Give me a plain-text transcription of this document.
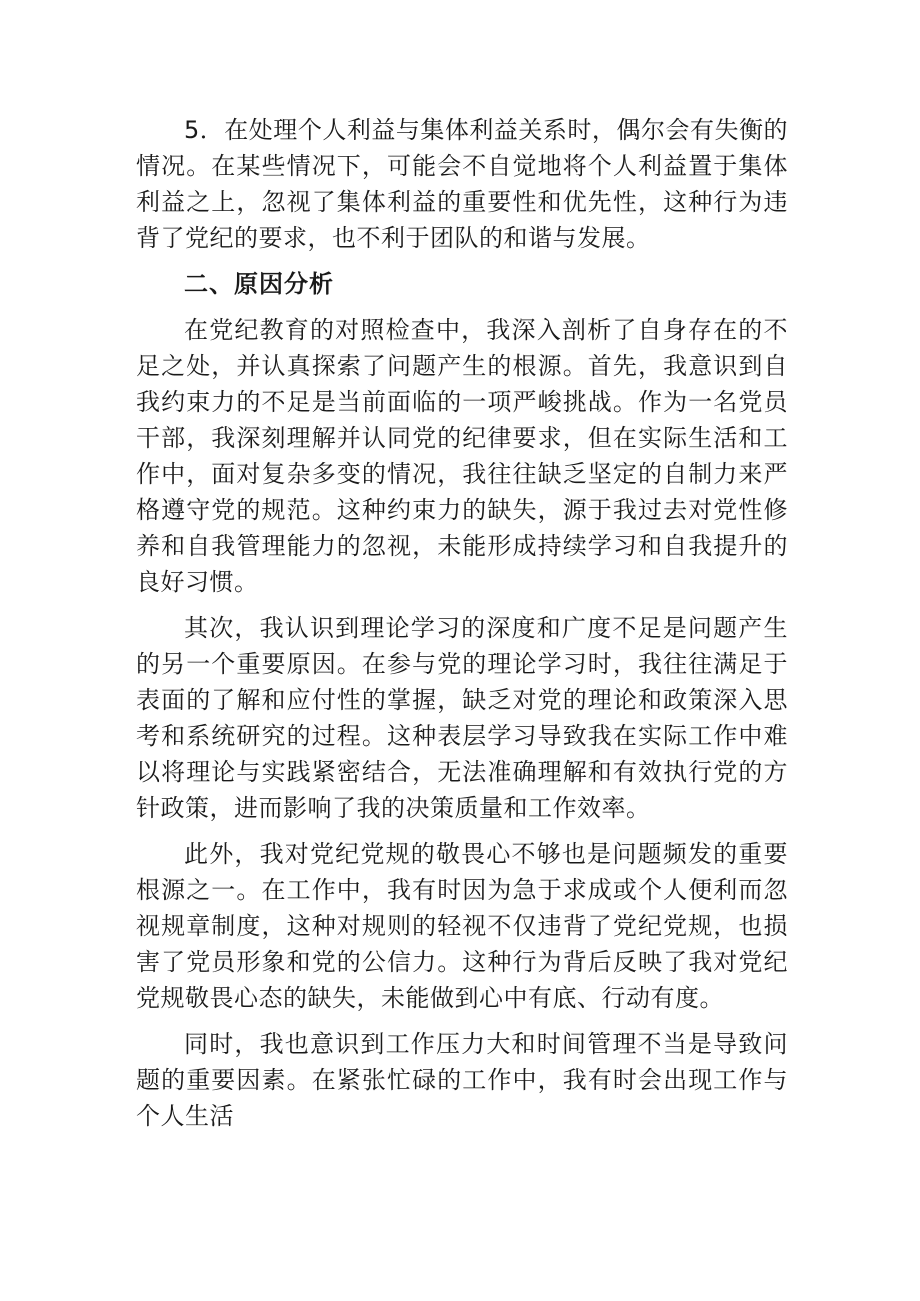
5．在处理个人利益与集体利益关系时，偶尔会有失衡的情况。在某些情况下，可能会不自觉地将个人利益置于集体利益之上，忽视了集体利益的重要性和优先性，这种行为违背了党纪的要求，也不利于团队的和谐与发展。

二、原因分析

在党纪教育的对照检查中，我深入剖析了自身存在的不足之处，并认真探索了问题产生的根源。首先，我意识到自我约束力的不足是当前面临的一项严峻挑战。作为一名党员干部，我深刻理解并认同党的纪律要求，但在实际生活和工作中，面对复杂多变的情况，我往往缺乏坚定的自制力来严格遵守党的规范。这种约束力的缺失，源于我过去对党性修养和自我管理能力的忽视，未能形成持续学习和自我提升的良好习惯。

其次，我认识到理论学习的深度和广度不足是问题产生的另一个重要原因。在参与党的理论学习时，我往往满足于表面的了解和应付性的掌握，缺乏对党的理论和政策深入思考和系统研究的过程。这种表层学习导致我在实际工作中难以将理论与实践紧密结合，无法准确理解和有效执行党的方针政策，进而影响了我的决策质量和工作效率。

此外，我对党纪党规的敬畏心不够也是问题频发的重要根源之一。在工作中，我有时因为急于求成或个人便利而忽视规章制度，这种对规则的轻视不仅违背了党纪党规，也损害了党员形象和党的公信力。这种行为背后反映了我对党纪党规敬畏心态的缺失，未能做到心中有底、行动有度。

同时，我也意识到工作压力大和时间管理不当是导致问题的重要因素。在紧张忙碌的工作中，我有时会出现工作与个人生活
